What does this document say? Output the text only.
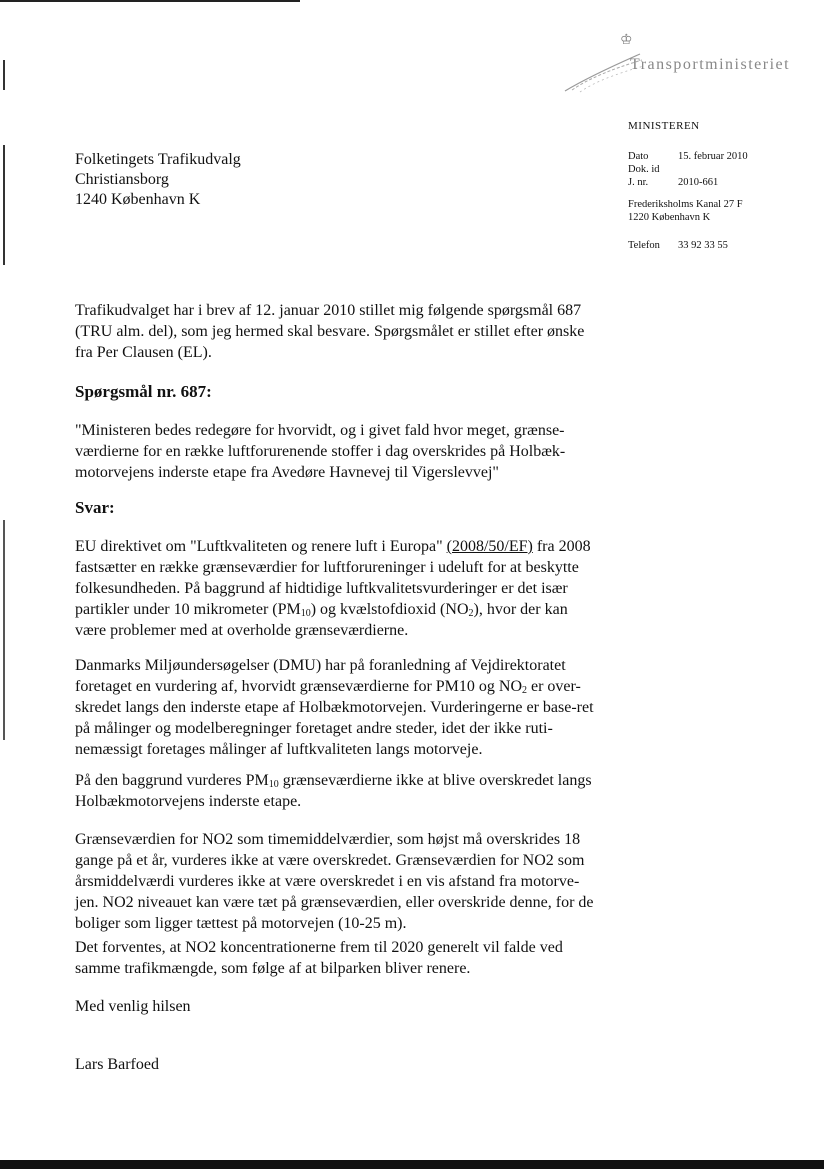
♔
Transportministeriet
MINISTEREN
Dato	15. februar 2010
Dok. id
J. nr.	2010-661
Frederiksholms Kanal 27 F
1220 København K
Telefon 33 92 33 55
Folketingets Trafikudvalg
Christiansborg
1240 København K

Trafikudvalget har i brev af 12. januar 2010 stillet mig følgende spørgsmål 687 (TRU alm. del), som jeg hermed skal besvare. Spørgsmålet er stillet efter ønske fra Per Clausen (EL).

Spørgsmål nr. 687:

"Ministeren bedes redegøre for hvorvidt, og i givet fald hvor meget, grænse-værdierne for en række luftforurenende stoffer i dag overskrides på Holbæk-motorvejens inderste etape fra Avedøre Havnevej til Vigerslevvej"

Svar:

EU direktivet om "Luftkvaliteten og renere luft i Europa" (2008/50/EF) fra 2008 fastsætter en række grænseværdier for luftforureninger i udeluft for at beskytte folkesundheden. På baggrund af hidtidige luftkvalitetsvurderinger er det især partikler under 10 mikrometer $(PM_{10})$ og kvælstofdioxid $(NO_2)$, hvor der kan være problemer med at overholde grænseværdierne.

Danmarks Miljøundersøgelser (DMU) har på foranledning af Vejdirektoratet foretaget en vurdering af, hvorvidt grænseværdierne for PM10 og $NO_2$ er over-skredet langs den inderste etape af Holbækmotorvejen. Vurderingerne er base-ret på målinger og modelberegninger foretaget andre steder, idet der ikke ruti-nemæssigt foretages målinger af luftkvaliteten langs motorveje.

På den baggrund vurderes $PM_{10}$ grænseværdierne ikke at blive overskredet langs Holbækmotorvejens inderste etape.

Grænseværdien for NO2 som timemiddelværdier, som højst må overskrides 18 gange på et år, vurderes ikke at være overskredet. Grænseværdien for NO2 som årsmiddelværdi vurderes ikke at være overskredet i en vis afstand fra motorve-jen. NO2 niveauet kan være tæt på grænseværdien, eller overskride denne, for de boliger som ligger tættest på motorvejen (10-25 m).

Det forventes, at NO2 koncentrationerne frem til 2020 generelt vil falde ved samme trafikmængde, som følge af at bilparken bliver renere.

Med venlig hilsen
Lars Barfoed
